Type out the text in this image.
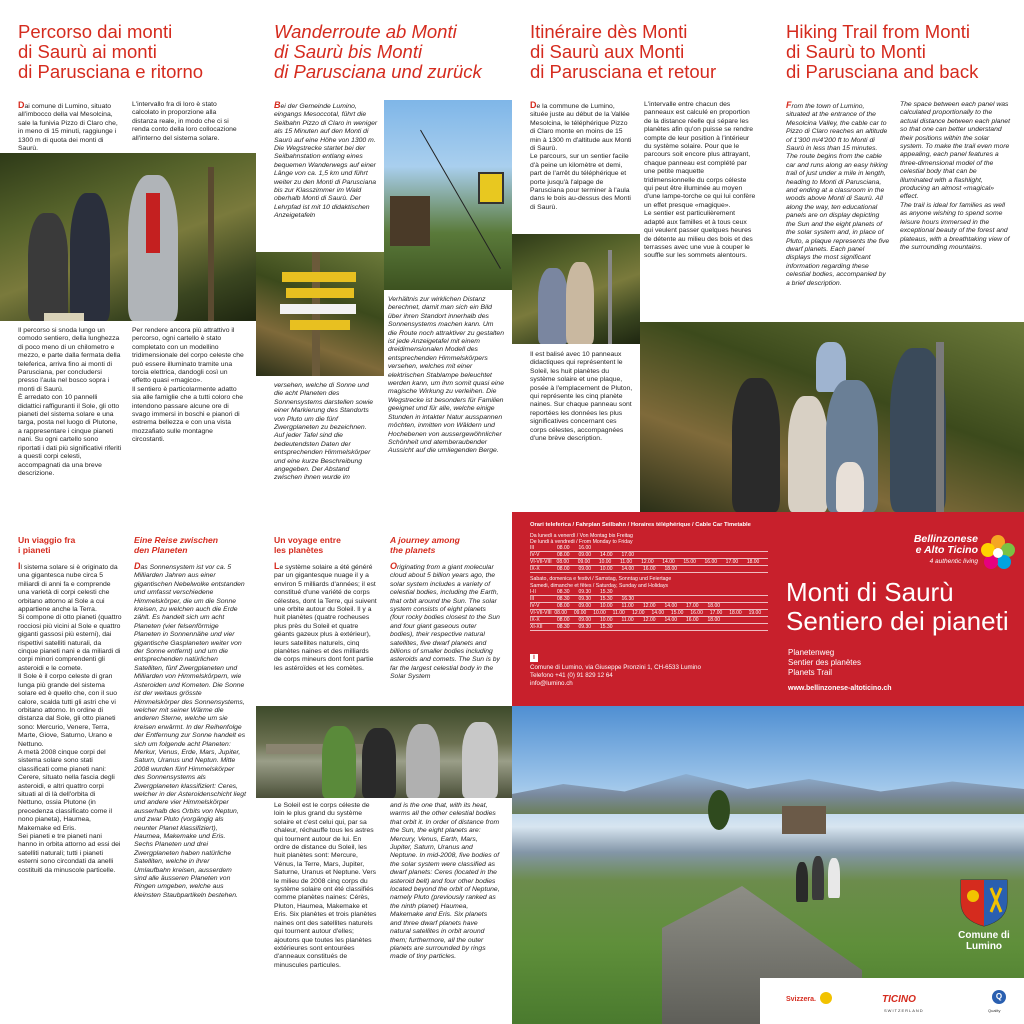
Percorso dai monti
di Saurù ai monti
di Parusciana e ritorno

Dai comune di Lumino, situato all'imbocco della val Mesolcina, sale la funivia Pizzo di Claro che, in meno di 15 minuti, raggiunge i 1300 m di quota dei monti di Saurù.

L'intervallo fra di loro è stato calcolato in proporzione alla distanza reale, in modo che ci si renda conto della loro collocazione all'interno del sistema solare.

Il percorso si snoda lungo un comodo sentiero, della lunghezza di poco meno di un chilometro e mezzo, e parte dalla fermata della teleferica, arriva fino ai monti di Parusciana, per concludersi presso l'aula nel bosco sopra i monti di Saurù.
È arredato con 10 pannelli didattici raffiguranti il Sole, gli otto pianeti del sistema solare e una targa, posta nel luogo di Plutone, a rappresentare i cinque pianeti nani. Su ogni cartello sono riportati i dati più significativi riferiti a questi corpi celesti, accompagnati da una breve descrizione.

Per rendere ancora più attrattivo il percorso, ogni cartello è stato completato con un modellino tridimensionale del corpo celeste che può essere illuminato tramite una torcia elettrica, dandogli così un effetto quasi «magico».
Il sentiero è particolarmente adatto sia alle famiglie che a tutti coloro che intendono passare alcune ore di svago immersi in boschi e pianori di estrema bellezza e con una vista mozzafiato sulle montagne circostanti.

Wanderroute ab Monti
di Saurù bis Monti
di Parusciana und zurück

Bei der Gemeinde Lumino, eingangs Mesoccotal, führt die Seilbahn Pizzo di Claro in weniger als 15 Minuten auf den Monti di Saurù auf eine Höhe von 1300 m. Die Wegstrecke startet bei der Seilbahnstation entlang eines bequemen Wanderwegs auf einer Länge von ca. 1,5 km und führt weiter zu den Monti di Parusciana bis zur Klasszimmer im Wald oberhalb Monti di Saurù. Der Lehrpfad ist mit 10 didaktischen Anzeigetafeln

Verhältnis zur wirklichen Distanz berechnet, damit man sich ein Bild über ihren Standort innerhalb des Sonnensystems machen kann. Um die Route noch attraktiver zu gestalten ist jede Anzeigetafel mit einem dreidimensionalen Modell des entsprechenden Himmelskörpers versehen, welches mit einer elektrischen Stablampe beleuchtet werden kann, um ihm somit quasi eine magische Wirkung zu verleihen. Die Wegstrecke ist besonders für Familien geeignet und für alle, welche einige Stunden in intakter Natur ausspannen möchten, inmitten von Wäldern und Hochebenen von aussergewöhnlicher Schönheit und atemberaubender Aussicht auf die umliegenden Berge.

versehen, welche di Sonne und die acht Planeten des Sonnensystems darstellen sowie einer Markierung des Standorts von Pluto um die fünf Zwergplaneten zu bezeichnen. Auf jeder Tafel sind die bedeutendsten Daten der entsprechenden Himmelskörper und eine kurze Beschreibung angegeben. Der Abstand zwischen ihnen wurde im

Itinéraire dès Monti
di Saurù aux Monti
di Parusciana et retour

De la commune de Lumino, située juste au début de la Vallée Mesolcina, le téléphérique Pizzo di Claro monte en moins de 15 min à 1300 m d'altitude aux Monti di Saurù.
Le parcours, sur un sentier facile d'à peine un kilomètre et demi, part de l'arrêt du téléphérique et porte jusqu'à l'alpage de Parusciana pour terminer à l'aula dans le bois au-dessus des Monti di Saurù.

L'intervalle entre chacun des panneaux est calculé en proportion de la distance réelle qui sépare les planètes afin qu'on puisse se rendre compte de leur position à l'intérieur du système solaire. Pour que le parcours soit encore plus attrayant, chaque panneau est complété par une petite maquette tridimensionnelle du corps céleste qui peut être illuminée au moyen d'une lampe-torche ce qui lui confère un effet presque «magique».
Le sentier est particulièrement adapté aux familles et à tous ceux qui veulent passer quelques heures de détente au milieu des bois et des terrasses avec une vue à couper le souffle sur les sommets alentours.

Il est balisé avec 10 panneaux didactiques qui représentent le Soleil, les huit planètes du système solaire et une plaque, posée à l'emplacement de Pluton, qui représente les cinq planète naines. Sur chaque panneau sont reportées les données les plus significatives concernant ces corps célestes, accompagnées d'une brève description.

Hiking Trail from Monti
di Saurù to Monti
di Parusciana and back

From the town of Lumino, situated at the entrance of the Mesolcina Valley, the cable car to Pizzo di Claro reaches an altitude of 1'300 m/4'200 ft to Monti di Saurù in less than 15 minutes. The route begins from the cable car and runs along an easy hiking trail of just under a mile in length, heading to Monti di Parusciana, and ending at a classroom in the woods above Monti di Saurù. All along the way, ten educational panels are on display depicting the Sun and the eight planets of the solar system and, in place of Pluto, a plaque represents the five dwarf planets. Each panel displays the most significant information regarding these celestial bodies, accompanied by a brief description.

The space between each panel was calculated proportionally to the actual distance between each planet so that one can better understand their positions within the solar system. To make the trail even more appealing, each panel features a three-dimensional model of the celestial body that can be illuminated with a flashlight, producing an almost «magical» effect.
The trail is ideal for families as well as anyone wishing to spend some leisure hours immersed in the exceptional beauty of the forest and plateaus, with a breathtaking view of the surrounding mountains.

Un viaggio fra
i pianeti

Il sistema solare si è originato da una gigantesca nube circa 5 miliardi di anni fa e comprende una varietà di corpi celesti che orbitano attorno al Sole a cui appartiene anche la Terra.
Si compone di otto pianeti (quattro rocciosi più vicini al Sole e quattro giganti gassosi più esterni), dai rispettivi satelliti naturali, da cinque pianeti nani e da miliardi di corpi minori comprendenti gli asteroidi e le comete.
Il Sole è il corpo celeste di gran lunga più grande del sistema solare ed è quello che, con il suo calore, scalda tutti gli astri che vi orbitano attorno. In ordine di distanza dal Sole, gli otto pianeti sono: Mercurio, Venere, Terra, Marte, Giove, Saturno, Urano e Nettuno.
A metà 2008 cinque corpi del sistema solare sono stati classificati come pianeti nani: Cerere, situato nella fascia degli asteroidi, e altri quattro corpi situati al di là dell'orbita di Nettuno, ossia Plutone (in precedenza classificato come il nono pianeta), Haumea, Makemake ed Eris.
Sei pianeti e tre pianeti nani hanno in orbita attorno ad essi dei satelliti naturali; tutti i pianeti esterni sono circondati da anelli costituiti da minuscole particelle.

Eine Reise zwischen
den Planeten

Das Sonnensystem ist vor ca. 5 Milliarden Jahren aus einer gigantischen Nebelwolke entstanden und umfasst verschiedene Himmelskörper, die um die Sonne kreisen, zu welchen auch die Erde zählt. Es handelt sich um acht Planeten (vier felsenförmige Planeten in Sonnennähe und vier gigantische Gasplaneten weiter von der Sonne entfernt) und um die entsprechenden natürlichen Satelliten, fünf Zwergplaneten und Milliarden von Himmelskörpern, wie Asteroiden und Kometen. Die Sonne ist der weitaus grösste Himmelskörper des Sonnensystems, welcher mit seiner Wärme die anderen Sterne, welche um sie kreisen erwärmt. In der Reihenfolge der Entfernung zur Sonne handelt es sich um folgende acht Planeten: Merkur, Venus, Erde, Mars, Jupiter, Saturn, Uranus und Neptun. Mitte 2008 wurden fünf Himmelskörper des Sonnensystems als Zwergplaneten klassifiziert: Ceres, welcher in der Asteroidenschicht liegt und andere vier Himmelskörper ausserhalb des Orbits von Neptun, und zwar Pluto (vorgängig als neunter Planet klassifiziert), Haumea, Makemake und Eris. Sechs Planeten und drei Zwergplaneten haben natürliche Satelliten, welche in ihrer Umlaufbahn kreisen, ausserdem sind alle äusseren Planeten von Ringen umgeben, welche aus kleinsten Staubpartikeln bestehen.

Un voyage entre
les planètes

Le système solaire a été généré par un gigantesque nuage il y a environ 5 milliards d'années; il est constitué d'une variété de corps célestes, dont la Terre, qui suivent une orbite autour du Soleil. Il y a huit planètes (quatre rocheuses plus près du Soleil et quatre géants gazeux plus à extérieur), leurs satellites naturels, cinq planètes naines et des milliards de corps mineurs dont font partie les astéroïdes et les comètes.

Le Soleil est le corps céleste de loin le plus grand du système solaire et c'est celui qui, par sa chaleur, réchauffe tous les astres qui tournent autour de lui. En ordre de distance du Soleil, les huit planètes sont: Mercure, Vénus, la Terre, Mars, Jupiter, Saturne, Uranus et Neptune. Vers le milieu de 2008 cinq corps du système solaire ont été classifiés comme planètes naines: Cérès, Pluton, Haumea, Makemake et Eris. Six planètes et trois planètes naines ont des satellites naturels qui tournent autour d'elles; ajoutons que toutes les planètes extérieures sont entourées d'anneaux constitués de minuscules particules.

A journey among
the planets

Originating from a giant molecular cloud about 5 billion years ago, the solar system includes a variety of celestial bodies, including the Earth, that orbit around the Sun. The solar system consists of eight planets (four rocky bodies closest to the Sun and four giant gaseous outer bodies), their respective natural satellites, five dwarf planets and billions of smaller bodies including asteroids and comets. The Sun is by far the largest celestial body in the Solar System

and is the one that, with its heat, warms all the other celestial bodies that orbit it. In order of distance from the Sun, the eight planets are: Mercury, Venus, Earth, Mars, Jupiter, Saturn, Uranus and Neptune. In mid-2008, five bodies of the solar system were classified as dwarf planets: Ceres (located in the asteroid belt) and four other bodies located beyond the orbit of Neptune, namely Pluto (previously ranked as the ninth planet) Haumea, Makemake and Eris. Six planets and three dwarf planets have natural satellites in orbit around them; furthermore, all the outer planets are surrounded by rings made of tiny particles.

Orari teleferica / Fahrplan Seilbahn / Horaires téléphérique / Cable Car Timetable
Da lunedì a venerdì / Von Montag bis Freitag
De lundi à vendredi / From Monday to Friday
III	08.00	16.00
IV-V	08.00	09.00	14.00	17.00
VI-VII-VIII 08.00	09.00	10.00	11.00	12.00	14.00	15.00	16.00	17.00	18.00
IX-X	08.00	09.00	10.00	14.00	16.00	18.00
Sabato, domenica e festivi / Samstag, Sonntag und Feiertage
Samedi, dimanche et fêtes / Saturday, Sunday and Holidays
I-II	08.30	09.30	15.30
III	08.30	09.30	15.30	16.30
IV-V	08.00	09.00	10.00	11.00	12.00	14.00	17.00	18.00
VI-VII-VIII 08.00	09.00	10.00	11.00	12.00	14.00	15.00	16.00	17.00	18.00	19.00
IX-X	08.00	09.00	10.00	11.00	12.00	14.00	16.00	18.00
XI-XII	08.30	09.30	15.30
Bellinzonese
e Alto Ticino
4 authentic living
Monti di Saurù
Sentiero dei pianeti
Planetenweg
Sentier des planètes
Planets Trail
www.bellinzonese-altoticino.ch
i
Comune di Lumino, via Giuseppe Pronzini 1, CH-6533 Lumino
Telefono +41 (0) 91 829 12 64
info@lumino.ch
Comune di
Lumino
Svizzera.	TICINO
SWITZERLAND
Q
Quality
